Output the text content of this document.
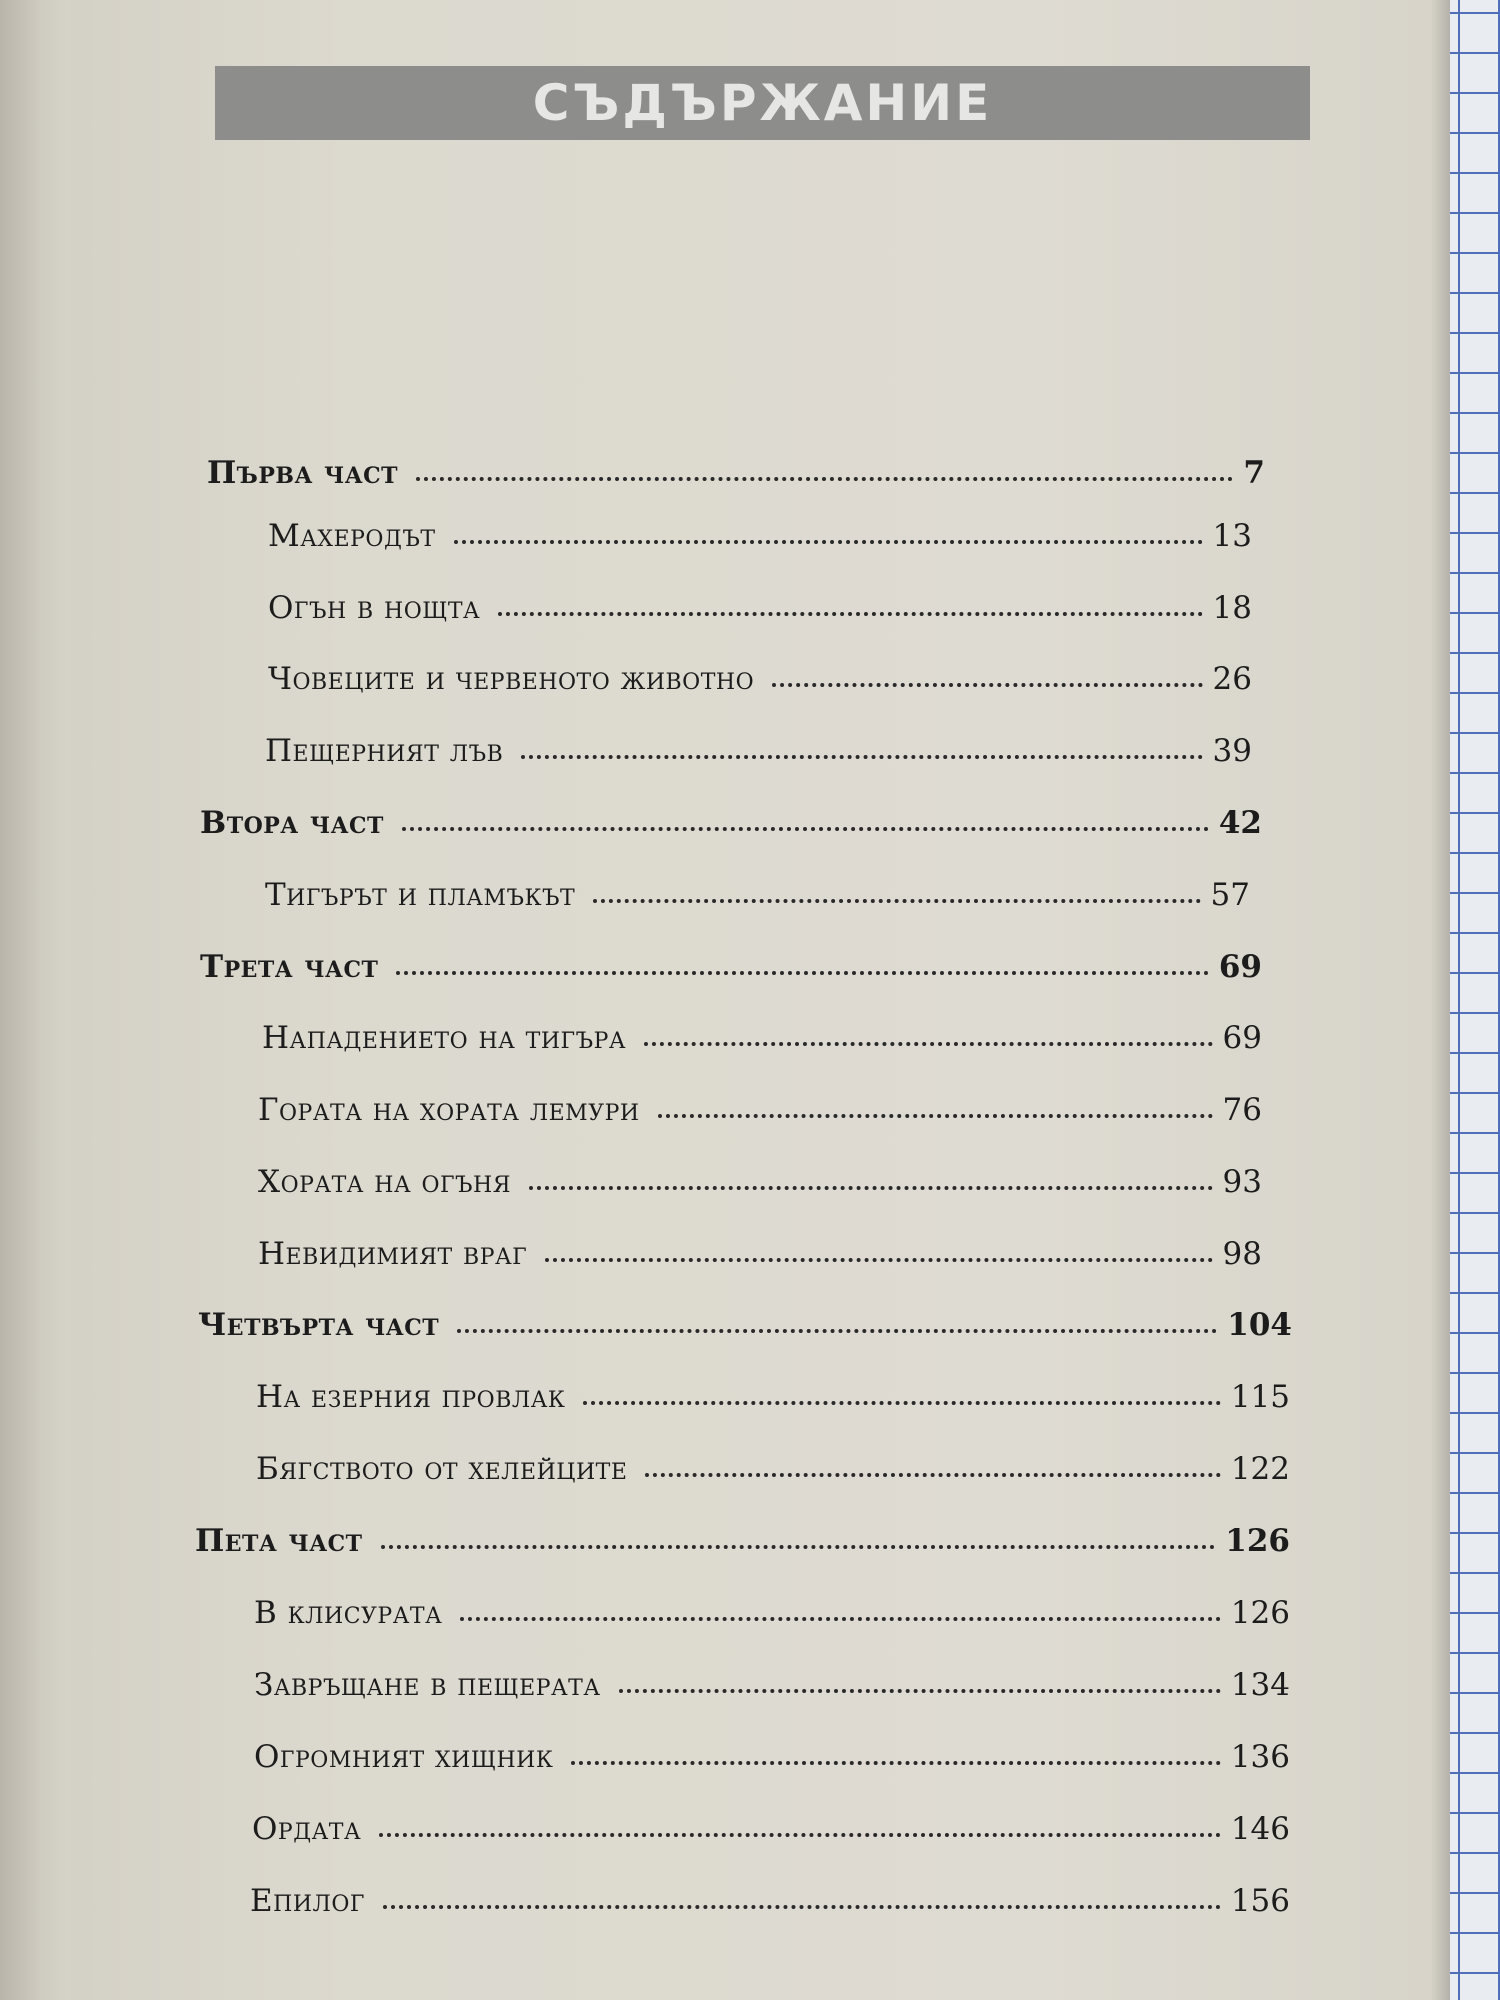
СЪДЪРЖАНИЕ
Първа част	7
Махеродът	13
Огън в нощта	18
Човеците и червеното животно	26
Пещерният лъв	39
Втора част	42
Тигърът и пламъкът	57
Трета част	69
Нападението на тигъра	69
Гората на хората лемури	76
Хората на огъня	93
Невидимият враг	98
Четвърта част	104
На езерния провлак	115
Бягството от хелейците	122
Пета част	126
В клисурата	126
Завръщане в пещерата	134
Огромният хищник	136
Ордата	146
Епилог	156
